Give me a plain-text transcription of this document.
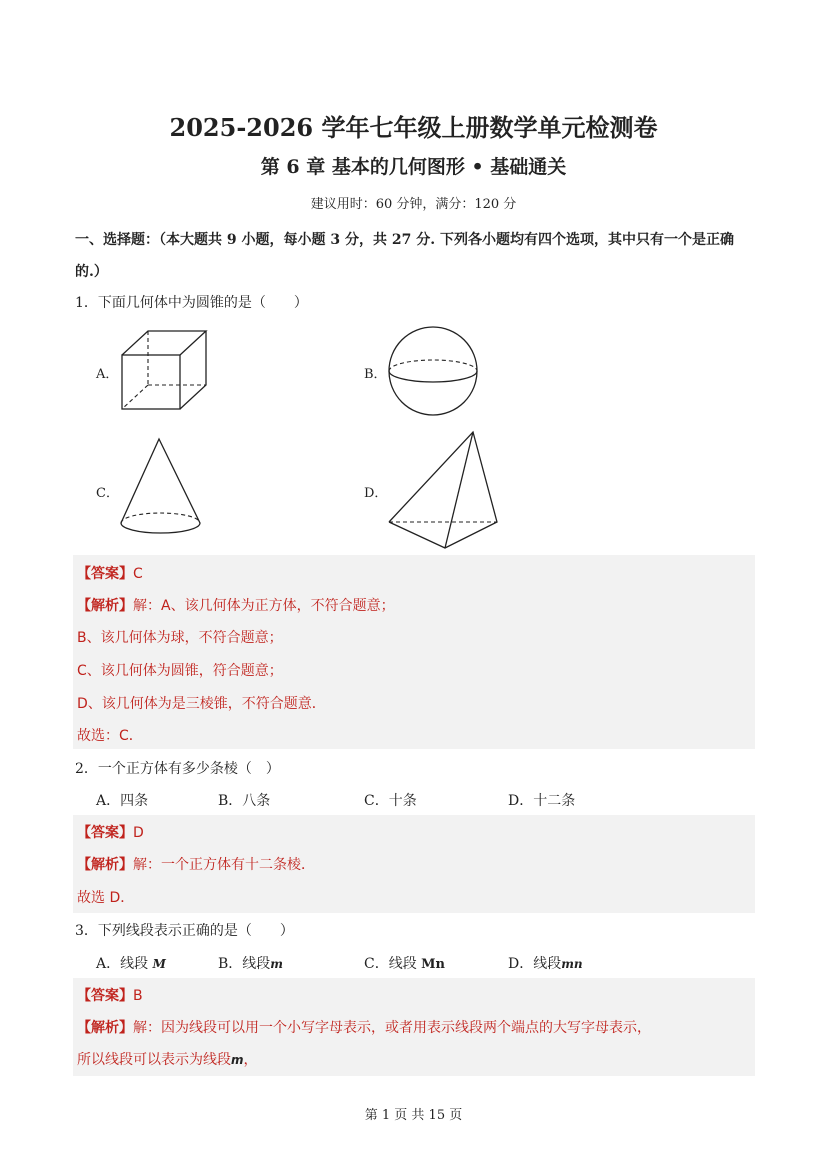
2025-2026 学年七年级上册数学单元检测卷
第 6 章 基本的几何图形 • 基础通关
建议用时：60 分钟，满分：120 分
一、选择题：（本大题共 9 小题，每小题 3 分，共 27 分. 下列各小题均有四个选项，其中只有一个是正确的.）
1．下面几何体中为圆锥的是（　　）
A．	B．
C．	D．
【答案】C
【解析】解：A、该几何体为正方体，不符合题意；
B、该几何体为球，不符合题意；
C、该几何体为圆锥，符合题意；
D、该几何体为是三棱锥，不符合题意．
故选：C．
2．一个正方体有多少条棱（　）
A．四条	B．八条	C．十条	D．十二条
【答案】D
【解析】解：一个正方体有十二条棱．
故选 D．
3．下列线段表示正确的是（　　）
A．线段 M	B．线段m	C．线段 Mn	D．线段mn
【答案】B
【解析】解：因为线段可以用一个小写字母表示，或者用表示线段两个端点的大写字母表示，
所以线段可以表示为线段m，
第 1 页 共 15 页
